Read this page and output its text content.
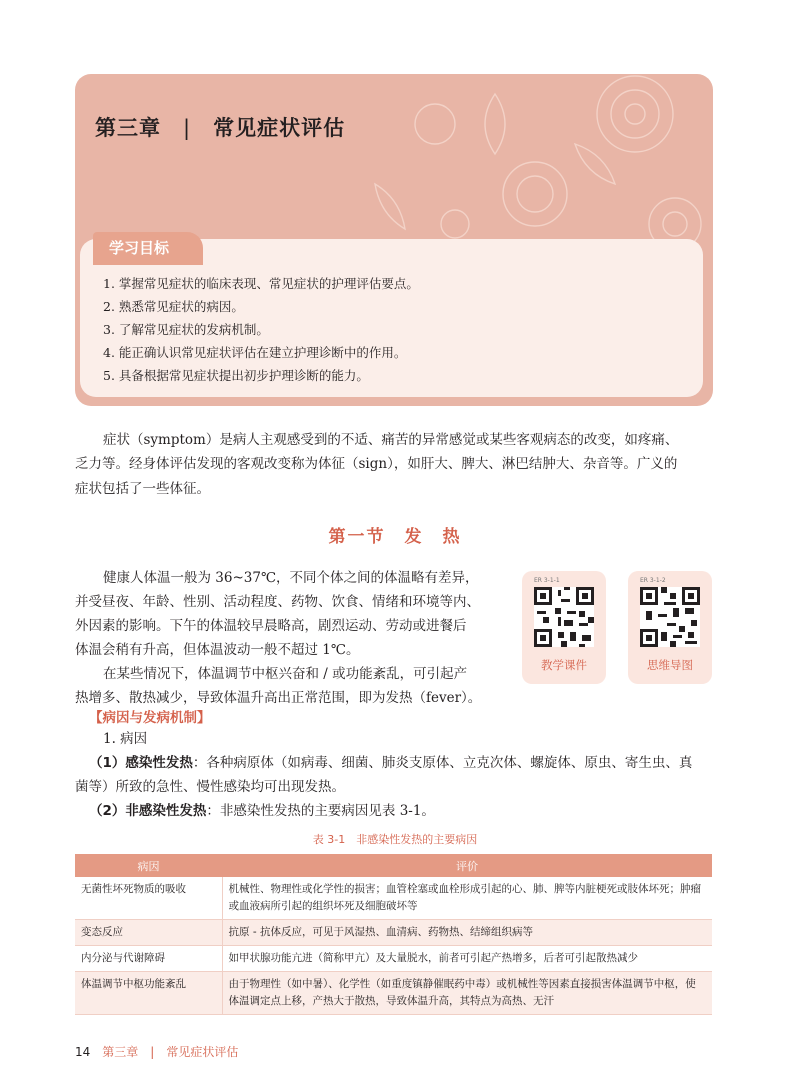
第三章 | 常见症状评估
学习目标
1. 掌握常见症状的临床表现、常见症状的护理评估要点。
2. 熟悉常见症状的病因。
3. 了解常见症状的发病机制。
4. 能正确认识常见症状评估在建立护理诊断中的作用。
5. 具备根据常见症状提出初步护理诊断的能力。

症状（symptom）是病人主观感受到的不适、痛苦的异常感觉或某些客观病态的改变，如疼痛、

乏力等。经身体评估发现的客观改变称为体征（sign），如肝大、脾大、淋巴结肿大、杂音等。广义的

症状包括了一些体征。

第一节　发　热

健康人体温一般为 36~37℃，不同个体之间的体温略有差异，

并受昼夜、年龄、性别、活动程度、药物、饮食、情绪和环境等内、

外因素的影响。下午的体温较早晨略高，剧烈运动、劳动或进餐后

体温会稍有升高，但体温波动一般不超过 1℃。

在某些情况下，体温调节中枢兴奋和 / 或功能紊乱，可引起产

热增多、散热减少，导致体温升高出正常范围，即为发热（fever）。

ER 3-1-1
教学课件
ER 3-1-2
思维导图
【病因与发病机制】

1. 病因

（1）感染性发热：各种病原体（如病毒、细菌、肺炎支原体、立克次体、螺旋体、原虫、寄生虫、真

菌等）所致的急性、慢性感染均可出现发热。

（2）非感染性发热：非感染性发热的主要病因见表 3-1。

表 3-1　非感染性发热的主要病因
病因	评价
无菌性坏死物质的吸收	机械性、物理性或化学性的损害；血管栓塞或血栓形成引起的心、肺、脾等内脏梗死或肢体坏死；肿瘤或血液病所引起的组织坏死及细胞破坏等
变态反应	抗原 - 抗体反应，可见于风湿热、血清病、药物热、结缔组织病等
内分泌与代谢障碍	如甲状腺功能亢进（简称甲亢）及大量脱水，前者可引起产热增多，后者可引起散热减少
体温调节中枢功能紊乱	由于物理性（如中暑）、化学性（如重度镇静催眠药中毒）或机械性等因素直接损害体温调节中枢，使体温调定点上移，产热大于散热，导致体温升高，其特点为高热、无汗
14 第三章 | 常见症状评估
